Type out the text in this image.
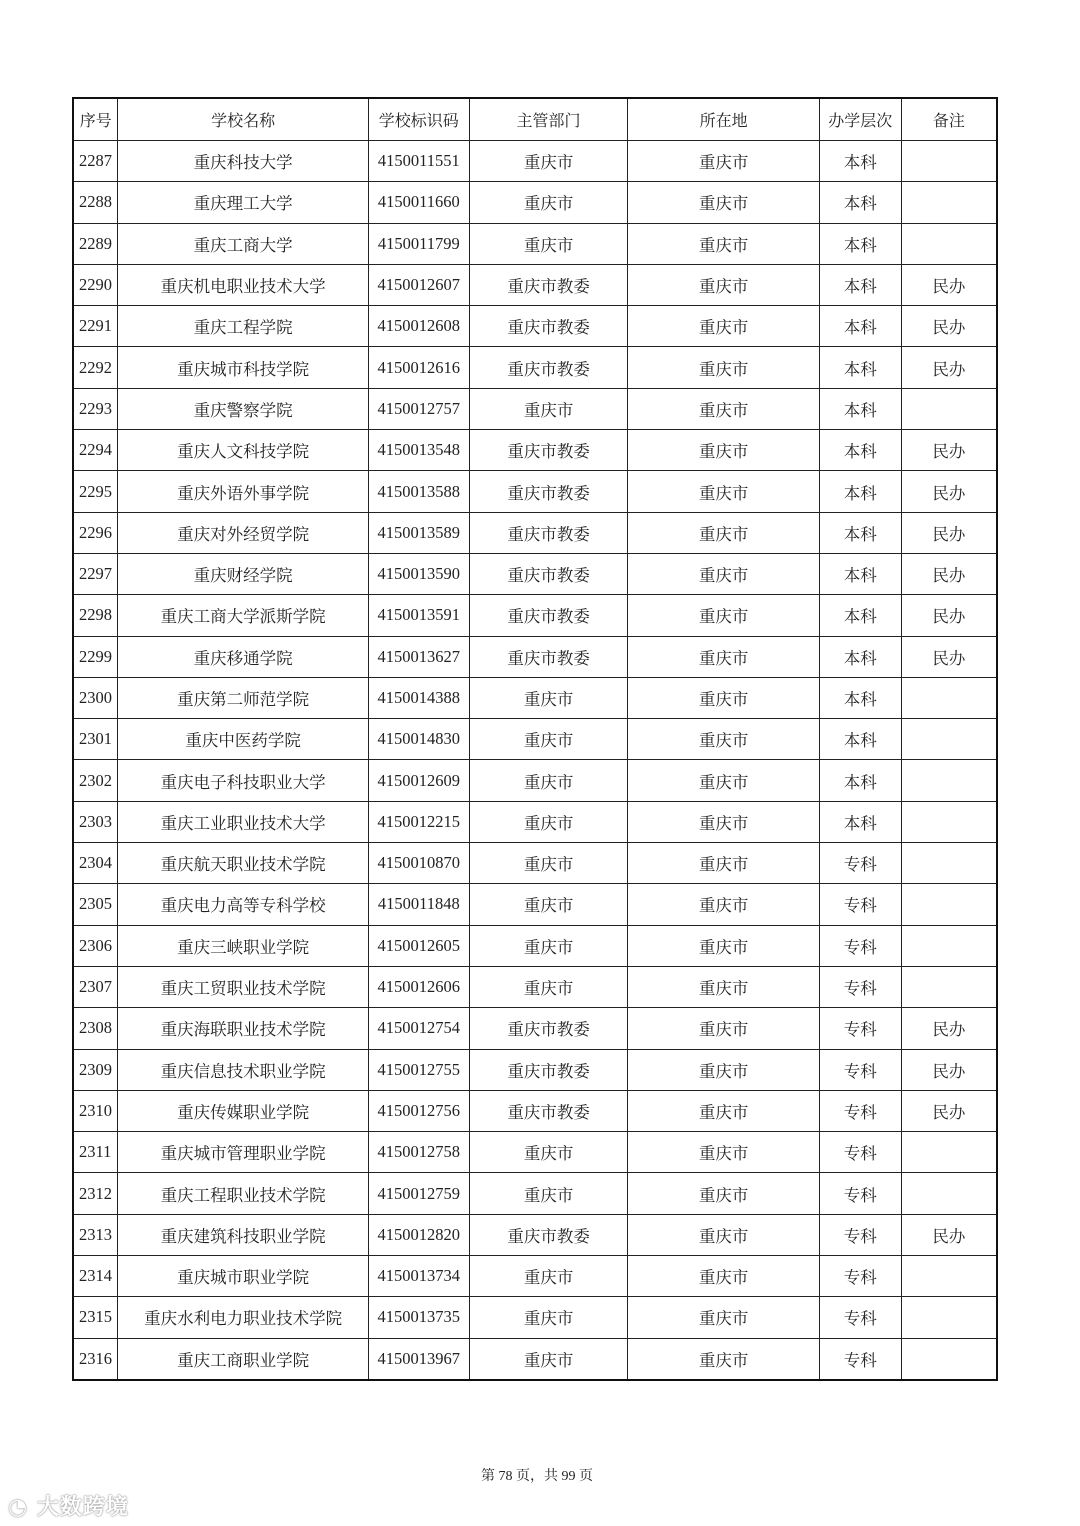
序号	学校名称	学校标识码	主管部门	所在地	办学层次	备注
2287	重庆科技大学	4150011551	重庆市	重庆市	本科	
2288	重庆理工大学	4150011660	重庆市	重庆市	本科	
2289	重庆工商大学	4150011799	重庆市	重庆市	本科	
2290	重庆机电职业技术大学	4150012607	重庆市教委	重庆市	本科	民办
2291	重庆工程学院	4150012608	重庆市教委	重庆市	本科	民办
2292	重庆城市科技学院	4150012616	重庆市教委	重庆市	本科	民办
2293	重庆警察学院	4150012757	重庆市	重庆市	本科	
2294	重庆人文科技学院	4150013548	重庆市教委	重庆市	本科	民办
2295	重庆外语外事学院	4150013588	重庆市教委	重庆市	本科	民办
2296	重庆对外经贸学院	4150013589	重庆市教委	重庆市	本科	民办
2297	重庆财经学院	4150013590	重庆市教委	重庆市	本科	民办
2298	重庆工商大学派斯学院	4150013591	重庆市教委	重庆市	本科	民办
2299	重庆移通学院	4150013627	重庆市教委	重庆市	本科	民办
2300	重庆第二师范学院	4150014388	重庆市	重庆市	本科	
2301	重庆中医药学院	4150014830	重庆市	重庆市	本科	
2302	重庆电子科技职业大学	4150012609	重庆市	重庆市	本科	
2303	重庆工业职业技术大学	4150012215	重庆市	重庆市	本科	
2304	重庆航天职业技术学院	4150010870	重庆市	重庆市	专科	
2305	重庆电力高等专科学校	4150011848	重庆市	重庆市	专科	
2306	重庆三峡职业学院	4150012605	重庆市	重庆市	专科	
2307	重庆工贸职业技术学院	4150012606	重庆市	重庆市	专科	
2308	重庆海联职业技术学院	4150012754	重庆市教委	重庆市	专科	民办
2309	重庆信息技术职业学院	4150012755	重庆市教委	重庆市	专科	民办
2310	重庆传媒职业学院	4150012756	重庆市教委	重庆市	专科	民办
2311	重庆城市管理职业学院	4150012758	重庆市	重庆市	专科	
2312	重庆工程职业技术学院	4150012759	重庆市	重庆市	专科	
2313	重庆建筑科技职业学院	4150012820	重庆市教委	重庆市	专科	民办
2314	重庆城市职业学院	4150013734	重庆市	重庆市	专科	
2315	重庆水利电力职业技术学院	4150013735	重庆市	重庆市	专科	
2316	重庆工商职业学院	4150013967	重庆市	重庆市	专科	
第 78 页，共 99 页
◔ 大数跨境
